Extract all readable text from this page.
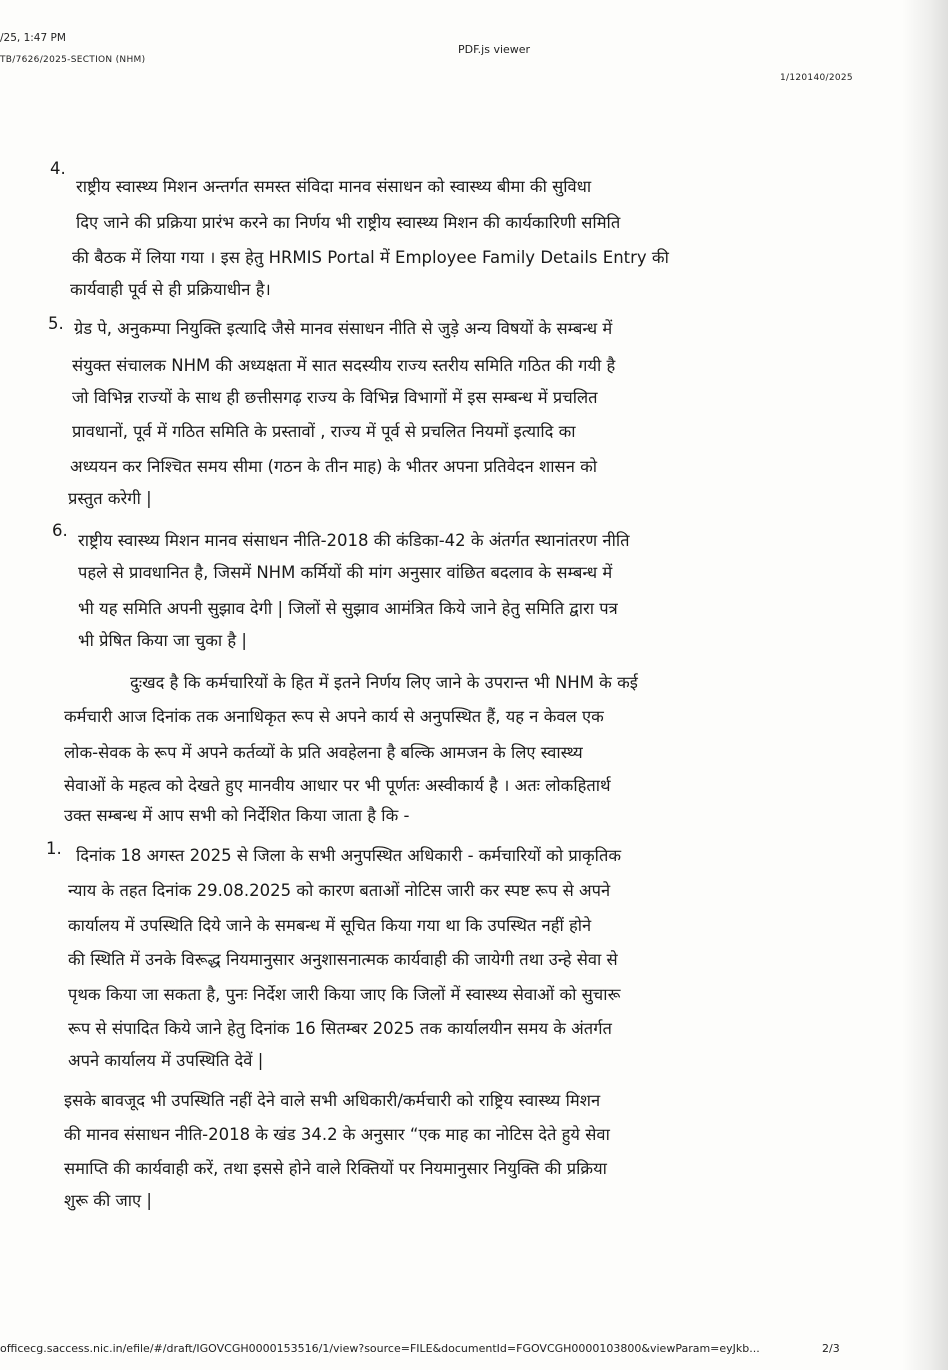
/25, 1:47 PM
TB/7626/2025-SECTION (NHM)
PDF.js viewer
1/120140/2025
4.
राष्ट्रीय स्वास्थ्य मिशन अन्तर्गत समस्त संविदा मानव संसाधन को स्वास्थ्य बीमा की सुविधा
दिए जाने की प्रक्रिया प्रारंभ करने का निर्णय भी राष्ट्रीय स्वास्थ्य मिशन की कार्यकारिणी समिति
की बैठक में लिया गया । इस हेतु HRMIS Portal में Employee Family Details Entry की
कार्यवाही पूर्व से ही प्रक्रियाधीन है।
5. ग्रेड पे, अनुकम्पा नियुक्ति इत्यादि जैसे मानव संसाधन नीति से जुड़े अन्य विषयों के सम्बन्ध में
संयुक्त संचालक NHM की अध्यक्षता में सात सदस्यीय राज्य स्तरीय समिति गठित की गयी है
जो विभिन्न राज्यों के साथ ही छत्तीसगढ़ राज्य के विभिन्न विभागों में इस सम्बन्ध में प्रचलित
प्रावधानों, पूर्व में गठित समिति के प्रस्तावों , राज्य में पूर्व से प्रचलित नियमों इत्यादि का
अध्ययन कर निश्चित समय सीमा (गठन के तीन माह) के भीतर अपना प्रतिवेदन शासन को
प्रस्तुत करेगी |
6.
राष्ट्रीय स्वास्थ्य मिशन मानव संसाधन नीति-2018 की कंडिका-42 के अंतर्गत स्थानांतरण नीति
पहले से प्रावधानित है, जिसमें NHM कर्मियों की मांग अनुसार वांछित बदलाव के सम्बन्ध में
भी यह समिति अपनी सुझाव देगी | जिलों से सुझाव आमंत्रित किये जाने हेतु समिति द्वारा पत्र
भी प्रेषित किया जा चुका है |
दुःखद है कि कर्मचारियों के हित में इतने निर्णय लिए जाने के उपरान्त भी NHM के कई
कर्मचारी आज दिनांक तक अनाधिकृत रूप से अपने कार्य से अनुपस्थित हैं, यह न केवल एक
लोक-सेवक के रूप में अपने कर्तव्यों के प्रति अवहेलना है बल्कि आमजन के लिए स्वास्थ्य
सेवाओं के महत्व को देखते हुए मानवीय आधार पर भी पूर्णतः अस्वीकार्य है । अतः लोकहितार्थ
उक्त सम्बन्ध में आप सभी को निर्देशित किया जाता है कि -
1. दिनांक 18 अगस्त 2025 से जिला के सभी अनुपस्थित अधिकारी - कर्मचारियों को प्राकृतिक
न्याय के तहत दिनांक 29.08.2025 को कारण बताओं नोटिस जारी कर स्पष्ट रूप से अपने
कार्यालय में उपस्थिति दिये जाने के समबन्ध में सूचित किया गया था कि उपस्थित नहीं होने
की स्थिति में उनके विरूद्ध नियमानुसार अनुशासनात्मक कार्यवाही की जायेगी तथा उन्हे सेवा से
पृथक किया जा सकता है, पुनः निर्देश जारी किया जाए कि जिलों में स्वास्थ्य सेवाओं को सुचारू
रूप से संपादित किये जाने हेतु दिनांक 16 सितम्बर 2025 तक कार्यालयीन समय के अंतर्गत
अपने कार्यालय में उपस्थिति देवें |
इसके बावजूद भी उपस्थिति नहीं देने वाले सभी अधिकारी/कर्मचारी को राष्ट्रिय स्वास्थ्य मिशन
की मानव संसाधन नीति-2018 के खंड 34.2 के अनुसार “एक माह का नोटिस देते हुये सेवा
समाप्ति की कार्यवाही करें, तथा इससे होने वाले रिक्तियों पर नियमानुसार नियुक्ति की प्रक्रिया
शुरू की जाए |
officecg.saccess.nic.in/efile/#/draft/IGOVCGH0000153516/1/view?source=FILE&documentId=FGOVCGH0000103800&viewParam=eyJkb...	2/3
